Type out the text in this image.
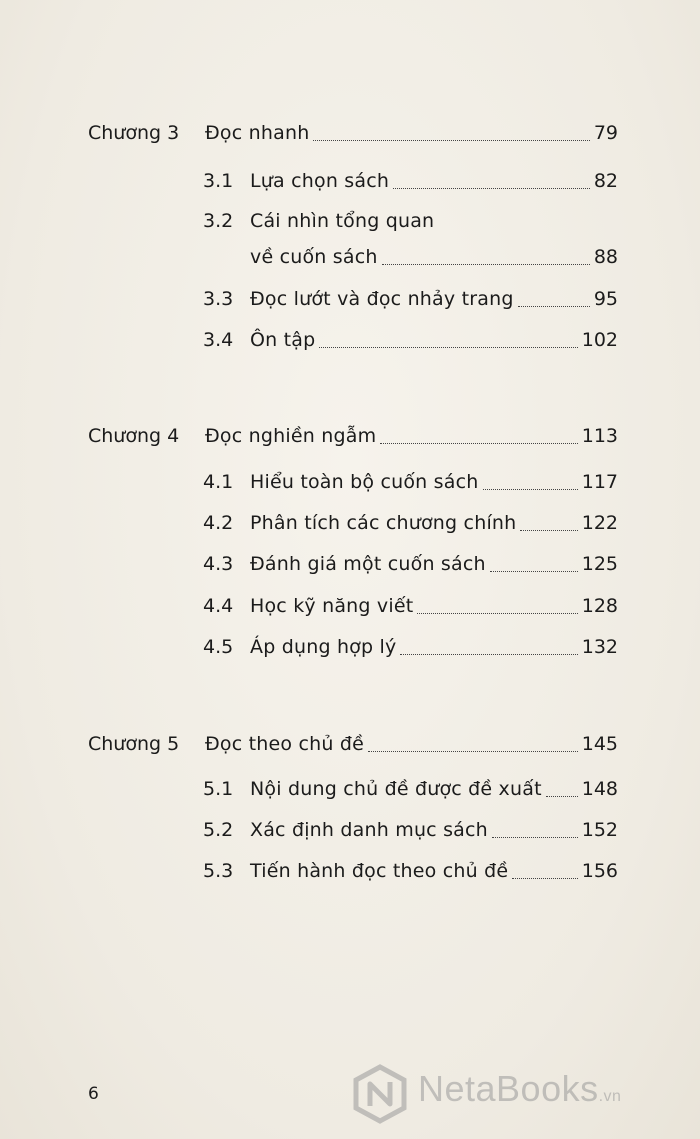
Chương 3 Đọc nhanh	79
3.1 Lựa chọn sách	82
3.2 Cái nhìn tổng quan
về cuốn sách	88
3.3 Đọc lướt và đọc nhảy trang	95
3.4 Ôn tập	102
Chương 4 Đọc nghiền ngẫm	113
4.1 Hiểu toàn bộ cuốn sách	117
4.2 Phân tích các chương chính	122
4.3 Đánh giá một cuốn sách	125
4.4 Học kỹ năng viết	128
4.5 Áp dụng hợp lý	132
Chương 5 Đọc theo chủ đề	145
5.1 Nội dung chủ đề được đề xuất 148
5.2 Xác định danh mục sách	152
5.3 Tiến hành đọc theo chủ đề	156
6	NetaBooks.vn
